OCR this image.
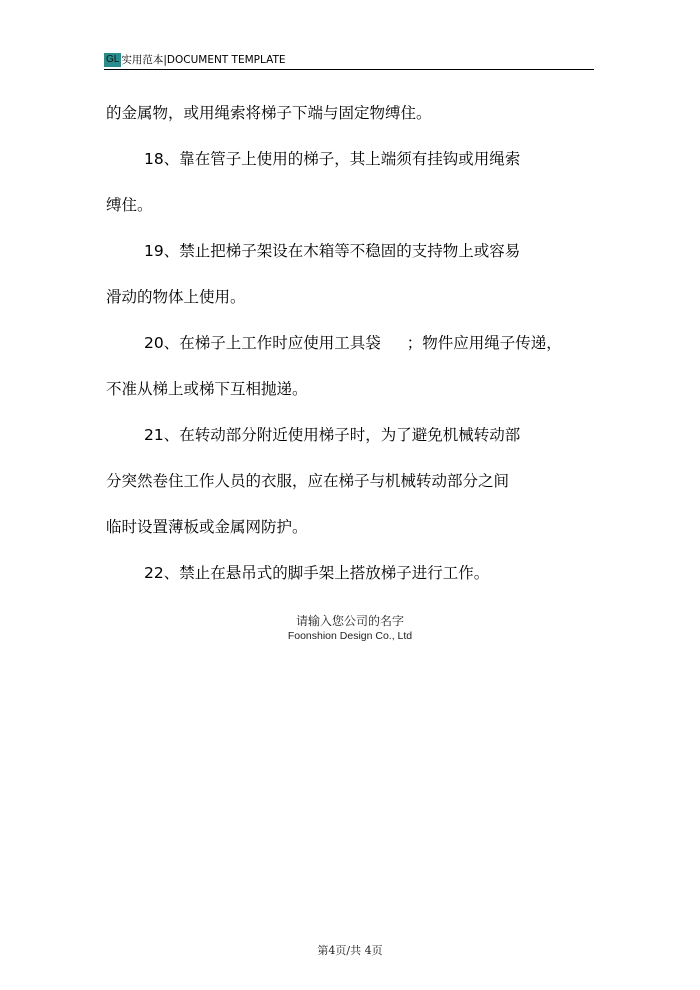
GL 实用范本 | DOCUMENT TEMPLATE
的金属物，或用绳索将梯子下端与固定物缚住。
18、靠在管子上使用的梯子，其上端须有挂钩或用绳索
缚住。
19、禁止把梯子架设在木箱等不稳固的支持物上或容易
滑动的物体上使用。
20、在梯子上工作时应使用工具袋 ；物件应用绳子传递，
不准从梯上或梯下互相抛递。
21、在转动部分附近使用梯子时，为了避免机械转动部
分突然卷住工作人员的衣服，应在梯子与机械转动部分之间
临时设置薄板或金属网防护。
22、禁止在悬吊式的脚手架上搭放梯子进行工作。
请输入您公司的名字
Foonshion Design Co., Ltd
第4页/共 4页
